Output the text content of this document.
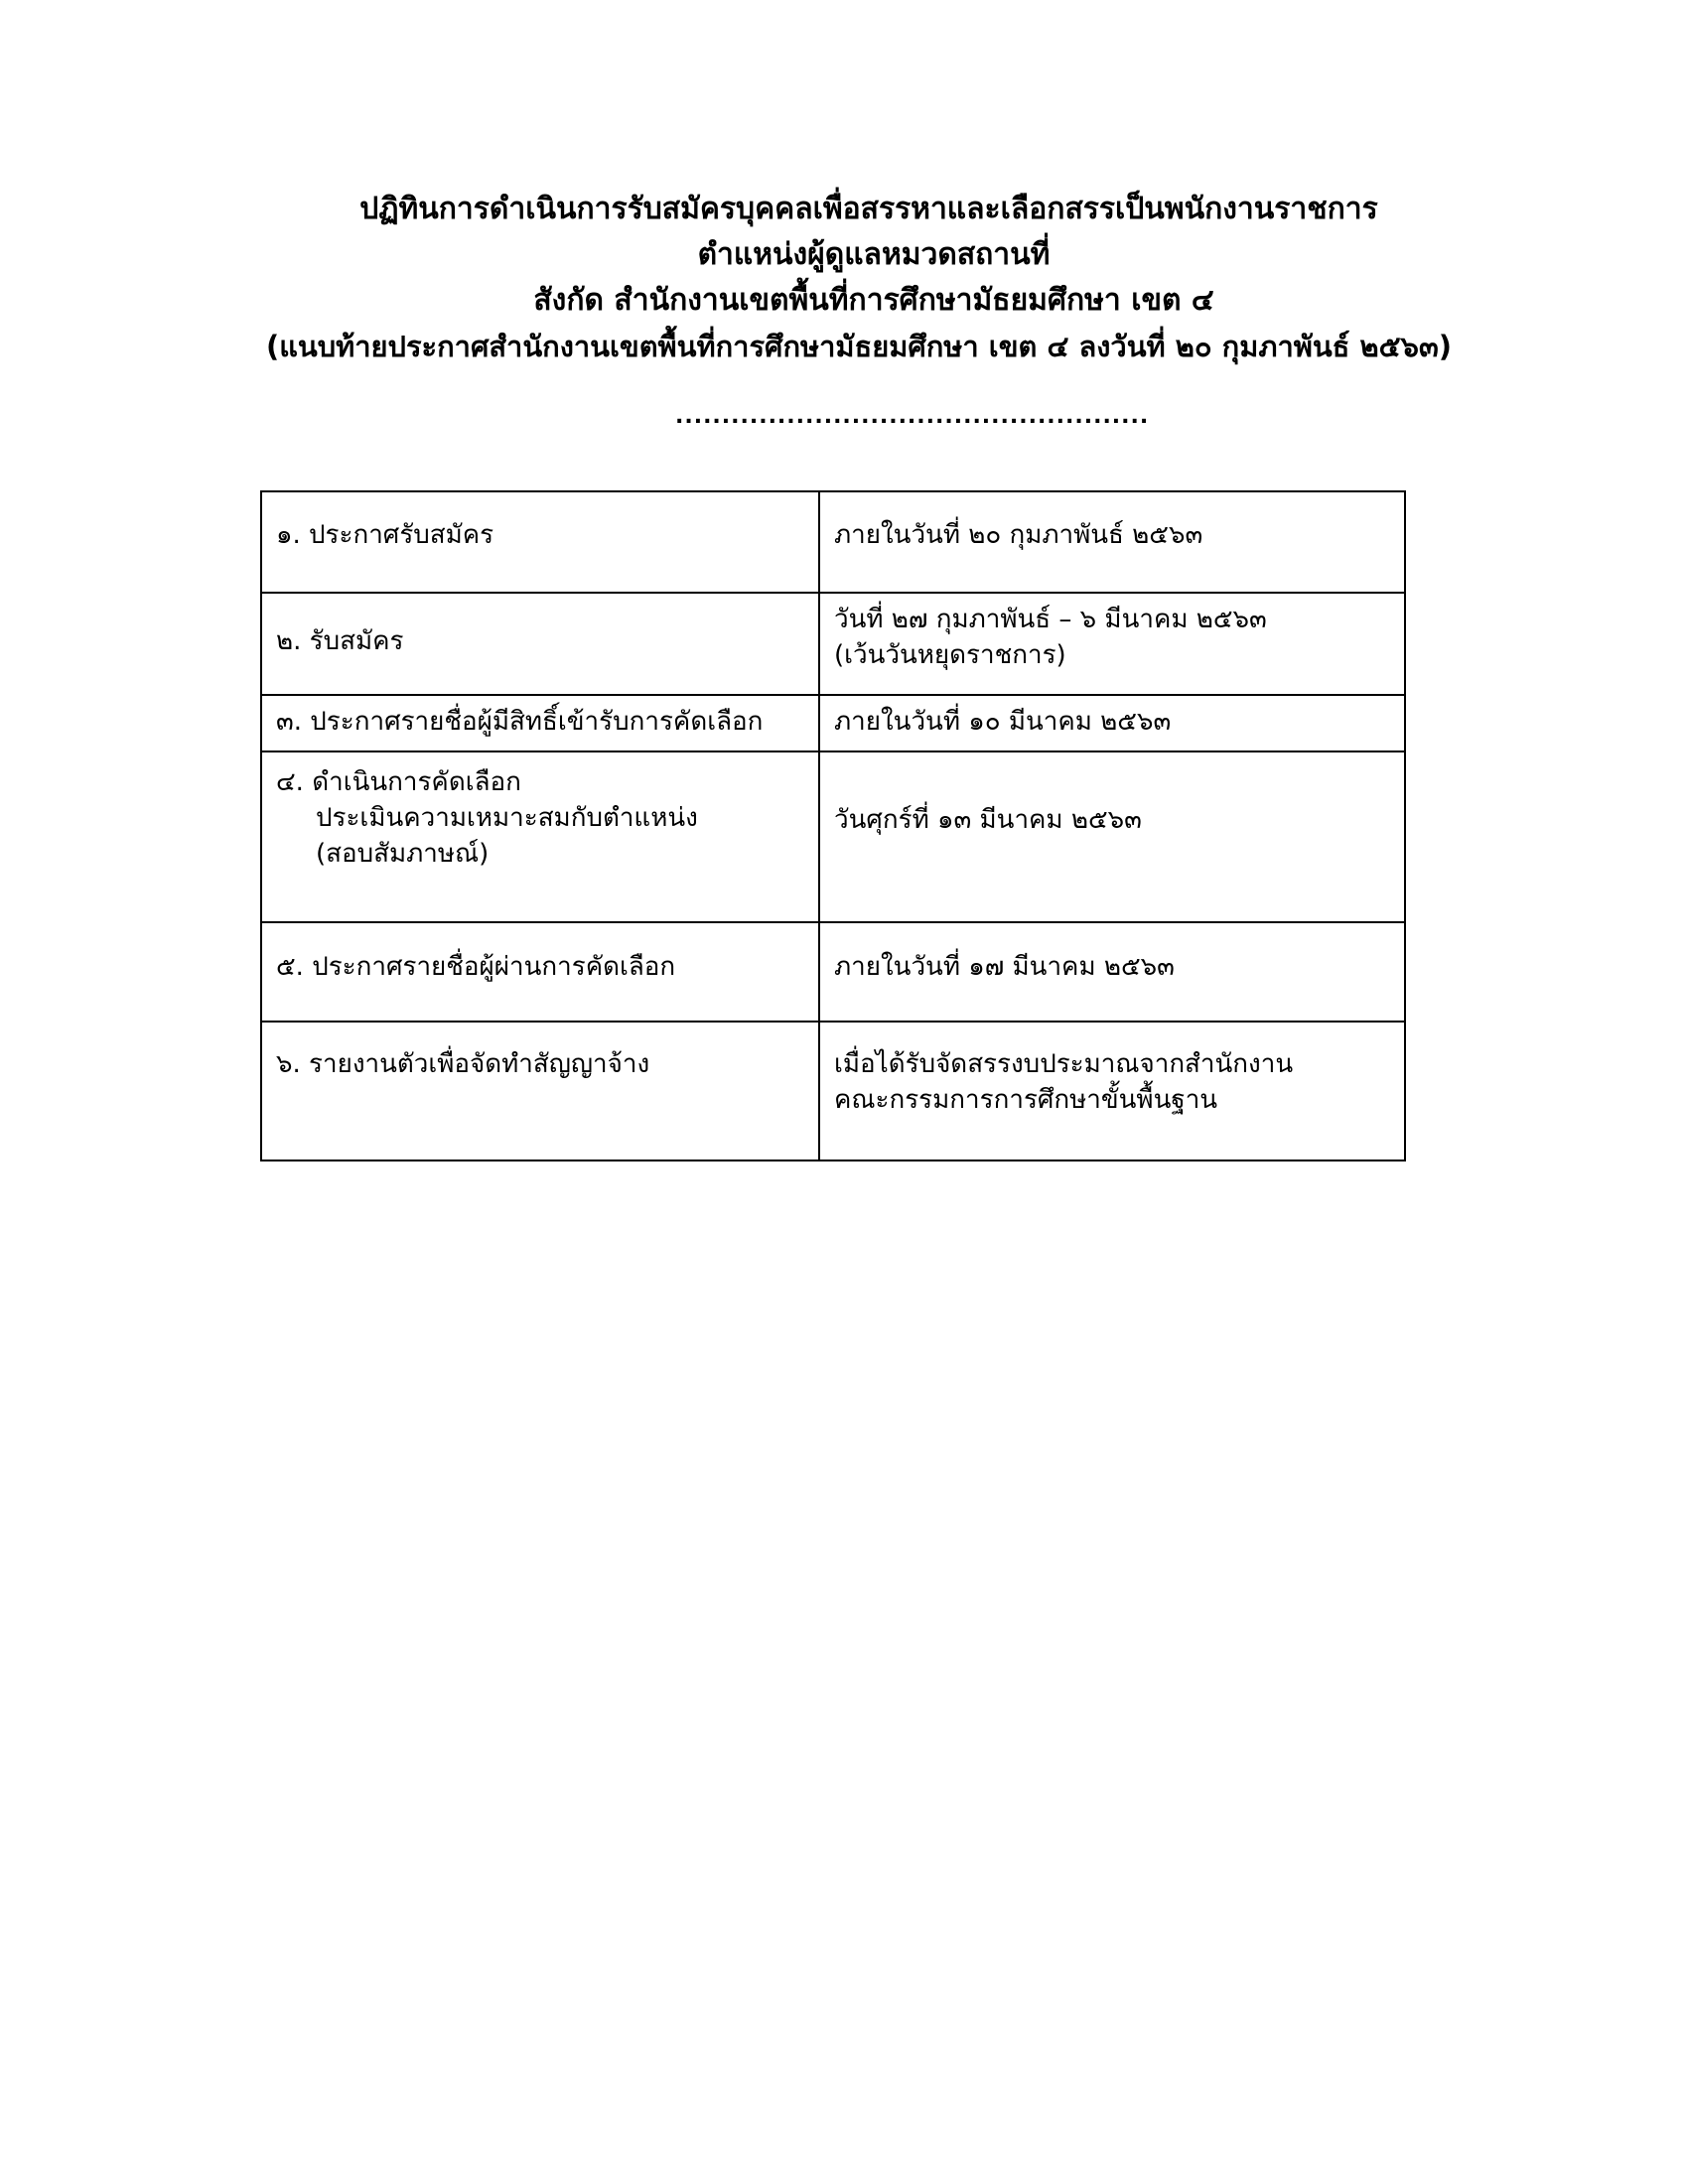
ปฏิทินการดำเนินการรับสมัครบุคคลเพื่อสรรหาและเลือกสรรเป็นพนักงานราชการ
ตำแหน่งผู้ดูแลหมวดสถานที่
สังกัด สำนักงานเขตพื้นที่การศึกษามัธยมศึกษา เขต ๔
(แนบท้ายประกาศสำนักงานเขตพื้นที่การศึกษามัธยมศึกษา เขต ๔ ลงวันที่ ๒๐ กุมภาพันธ์ ๒๕๖๓)
...................................................
๑. ประกาศรับสมัคร	ภายในวันที่ ๒๐ กุมภาพันธ์ ๒๕๖๓

๒. รับสมัคร	วันที่ ๒๗ กุมภาพันธ์ – ๖ มีนาคม ๒๕๖๓
(เว้นวันหยุดราชการ)

๓. ประกาศรายชื่อผู้มีสิทธิ์เข้ารับการคัดเลือก	ภายในวันที่ ๑๐ มีนาคม ๒๕๖๓

๔. ดำเนินการคัดเลือก
ประเมินความเหมาะสมกับตำแหน่ง
(สอบสัมภาษณ์)	วันศุกร์ที่ ๑๓ มีนาคม ๒๕๖๓

๕. ประกาศรายชื่อผู้ผ่านการคัดเลือก	ภายในวันที่ ๑๗ มีนาคม ๒๕๖๓

๖. รายงานตัวเพื่อจัดทำสัญญาจ้าง	เมื่อได้รับจัดสรรงบประมาณจากสำนักงาน
คณะกรรมการการศึกษาขั้นพื้นฐาน
